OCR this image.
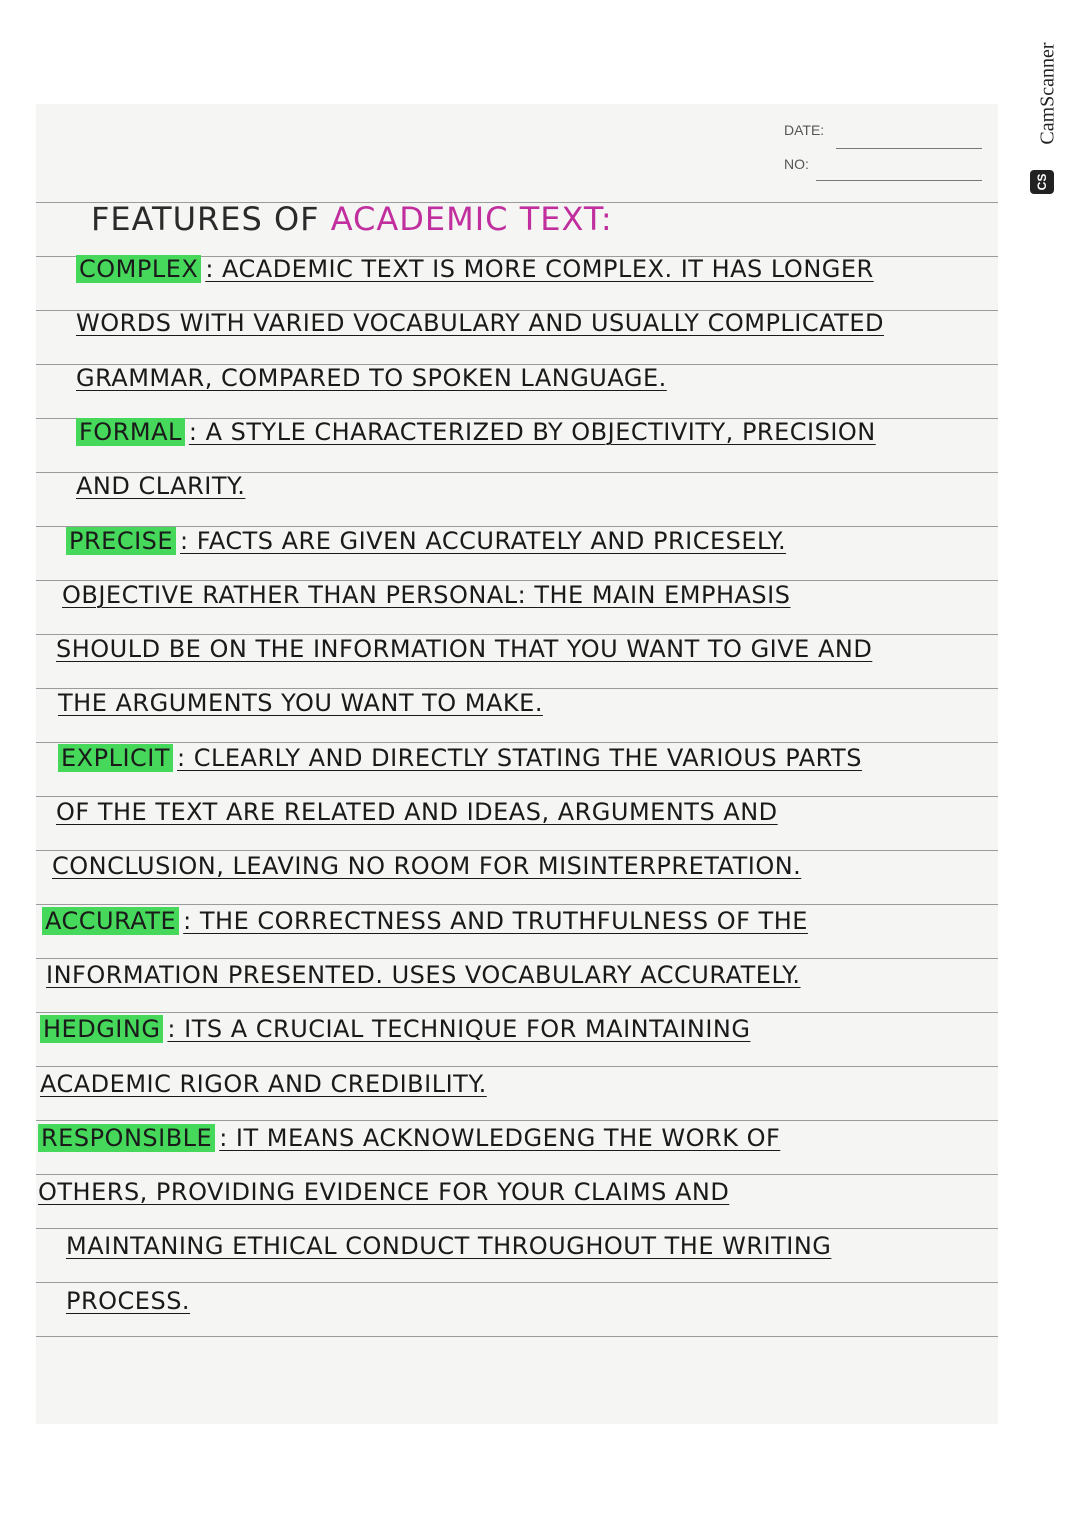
DATE:
NO:
FEATURES OF ACADEMIC TEXT:
COMPLEX : ACADEMIC TEXT IS MORE COMPLEX. IT HAS LONGER
WORDS WITH VARIED VOCABULARY AND USUALLY COMPLICATED
GRAMMAR, COMPARED TO SPOKEN LANGUAGE.
FORMAL : A STYLE CHARACTERIZED BY OBJECTIVITY, PRECISION
AND CLARITY.
PRECISE : FACTS ARE GIVEN ACCURATELY AND PRICESELY.
OBJECTIVE RATHER THAN PERSONAL: THE MAIN EMPHASIS
SHOULD BE ON THE INFORMATION THAT YOU WANT TO GIVE AND
THE ARGUMENTS YOU WANT TO MAKE.
EXPLICIT : CLEARLY AND DIRECTLY STATING THE VARIOUS PARTS
OF THE TEXT ARE RELATED AND IDEAS, ARGUMENTS AND
CONCLUSION, LEAVING NO ROOM FOR MISINTERPRETATION.
ACCURATE : THE CORRECTNESS AND TRUTHFULNESS OF THE
INFORMATION PRESENTED. USES VOCABULARY ACCURATELY.
HEDGING : ITS A CRUCIAL TECHNIQUE FOR MAINTAINING
ACADEMIC RIGOR AND CREDIBILITY.
RESPONSIBLE : IT MEANS ACKNOWLEDGENG THE WORK OF
OTHERS, PROVIDING EVIDENCE FOR YOUR CLAIMS AND
MAINTANING ETHICAL CONDUCT THROUGHOUT THE WRITING
PROCESS.
CamScanner
CS
